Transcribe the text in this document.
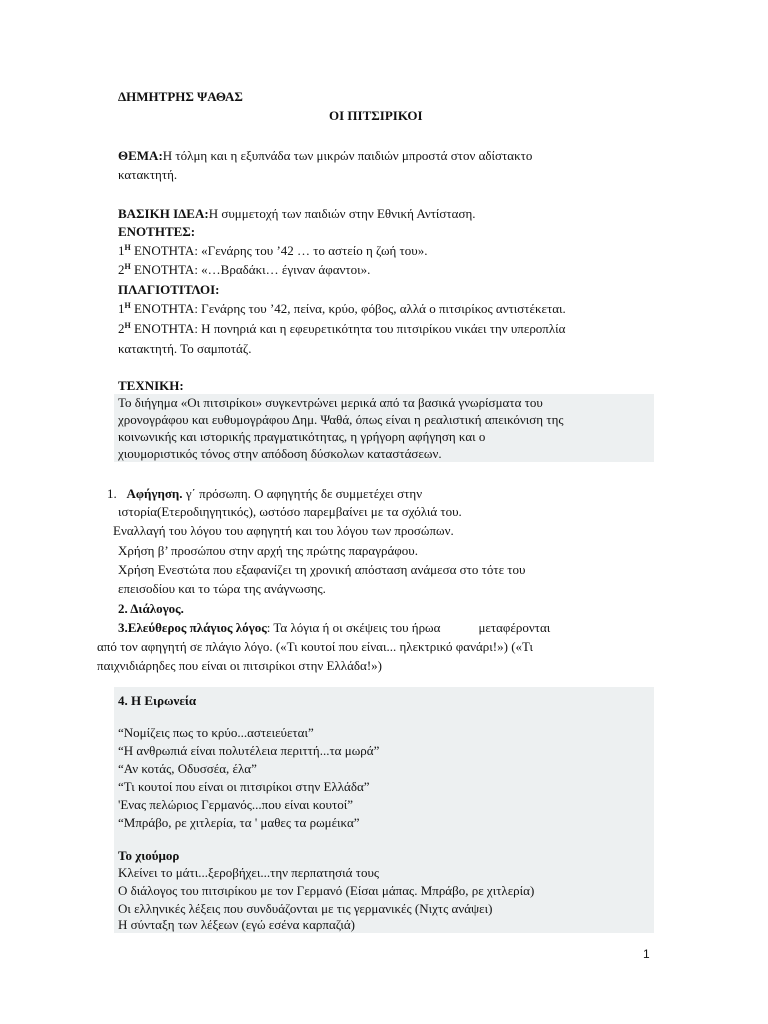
ΔΗΜΗΤΡΗΣ ΨΑΘΑΣ
ΟΙ ΠΙΤΣΙΡΙΚΟΙ
ΘΕΜΑ:Η τόλμη και η εξυπνάδα των μικρών παιδιών μπροστά στον αδίστακτο
κατακτητή.
ΒΑΣΙΚΗ ΙΔΕΑ:Η συμμετοχή των παιδιών στην Εθνική Αντίσταση.
ΕΝΟΤΗΤΕΣ:
$1^H$ ΕΝΟΤΗΤΑ: «Γενάρης του ’42 … το αστείο η ζωή του».
$2^H$ ΕΝΟΤΗΤΑ: «…Βραδάκι… έγιναν άφαντοι».
ΠΛΑΓΙΟΤΙΤΛΟΙ:
$1^H$ ΕΝΟΤΗΤΑ: Γενάρης του ’42, πείνα, κρύο, φόβος, αλλά ο πιτσιρίκος αντιστέκεται.
$2^H$ ΕΝΟΤΗΤΑ: Η πονηριά και η εφευρετικότητα του πιτσιρίκου νικάει την υπεροπλία
κατακτητή. Το σαμποτάζ.
ΤΕΧΝΙΚΗ:
Το διήγημα «Οι πιτσιρίκοι» συγκεντρώνει μερικά από τα βασικά γνωρίσματα του
χρονογράφου και ευθυμογράφου Δημ. Ψαθά, όπως είναι η ρεαλιστική απεικόνιση της
κοινωνικής και ιστορικής πραγματικότητας, η γρήγορη αφήγηση και ο
χιουμοριστικός τόνος στην απόδοση δύσκολων καταστάσεων.
1. Αφήγηση. γ΄ πρόσωπη. Ο αφηγητής δε συμμετέχει στην
ιστορία(Ετεροδιηγητικός), ωστόσο παρεμβαίνει με τα σχόλιά του.
Εναλλαγή του λόγου του αφηγητή και του λόγου των προσώπων.
Χρήση β’ προσώπου στην αρχή της πρώτης παραγράφου.
Χρήση Ενεστώτα που εξαφανίζει τη χρονική απόσταση ανάμεσα στο τότε του
επεισοδίου και το τώρα της ανάγνωσης.
2. Διάλογος.
3.Ελεύθερος πλάγιος λόγος: Τα λόγια ή οι σκέψεις του ήρωα	μεταφέρονται
από τον αφηγητή σε πλάγιο λόγο. («Τι κουτοί που είναι... ηλεκτρικό φανάρι!») («Τι
παιχνιδιάρηδες που είναι οι πιτσιρίκοι στην Ελλάδα!»)
4. Η Ειρωνεία
“Νομίζεις πως το κρύο...αστειεύεται”
“Η ανθρωπιά είναι πολυτέλεια περιττή...τα μωρά”
“Αν κοτάς, Οδυσσέα, έλα”
“Τι κουτοί που είναι οι πιτσιρίκοι στην Ελλάδα”
'Ενας πελώριος Γερμανός...που είναι κουτοί”
“Μπράβο, ρε χιτλερία, τα ' μαθες τα ρωμέικα”
Το χιούμορ
Κλείνει το μάτι...ξεροβήχει...την περπατησιά τους
Ο διάλογος του πιτσιρίκου με τον Γερμανό (Είσαι μάπας. Μπράβο, ρε χιτλερία)
Οι ελληνικές λέξεις που συνδυάζονται με τις γερμανικές (Νιχτς ανάψει)
Η σύνταξη των λέξεων (εγώ εσένα καρπαζιά)
1
